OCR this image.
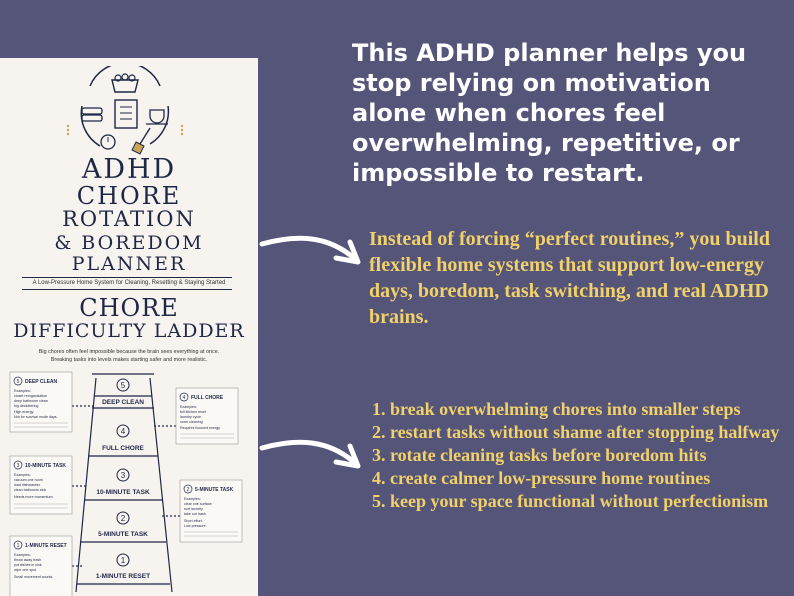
ADHD
CHORE
ROTATION
& BOREDOM
PLANNER
A Low-Pressure Home System for Cleaning, Resetting & Staying Started
CHORE
DIFFICULTY LADDER
Big chores often feel impossible because the brain sees everything at once.
Breaking tasks into levels makes starting safer and more realistic.
5
DEEP CLEAN
4
FULL CHORE
3
10-MINUTE TASK
2
5-MINUTE TASK
1
1-MINUTE RESET
5 DEEP CLEAN
Examples:
closet reorganization
deep bathroom clean
big decluttering
High energy.
Not for survival mode days.
4 FULL CHORE
Examples:
full kitchen reset
laundry cycle
room cleaning
Requires focused energy.
3 10-MINUTE TASK
Examples:
vacuum one room
load dishwasher
clean bathroom sink
Needs more momentum.
2 5-MINUTE TASK
Examples:
clear one surface
sort laundry
take out trash
Short effort.
Low pressure.
1 1-MINUTE RESET
Examples:
throw away trash
put dishes in sink
wipe one spot
Small movement counts.
This ADHD planner helps you stop relying on motivation alone when chores feel overwhelming, repetitive, or impossible to restart.
Instead of forcing “perfect routines,” you build flexible home systems that support low-energy days, boredom, task switching, and real ADHD brains.
1. break overwhelming chores into smaller steps
2. restart tasks without shame after stopping halfway
3. rotate cleaning tasks before boredom hits
4. create calmer low-pressure home routines
5. keep your space functional without perfectionism
